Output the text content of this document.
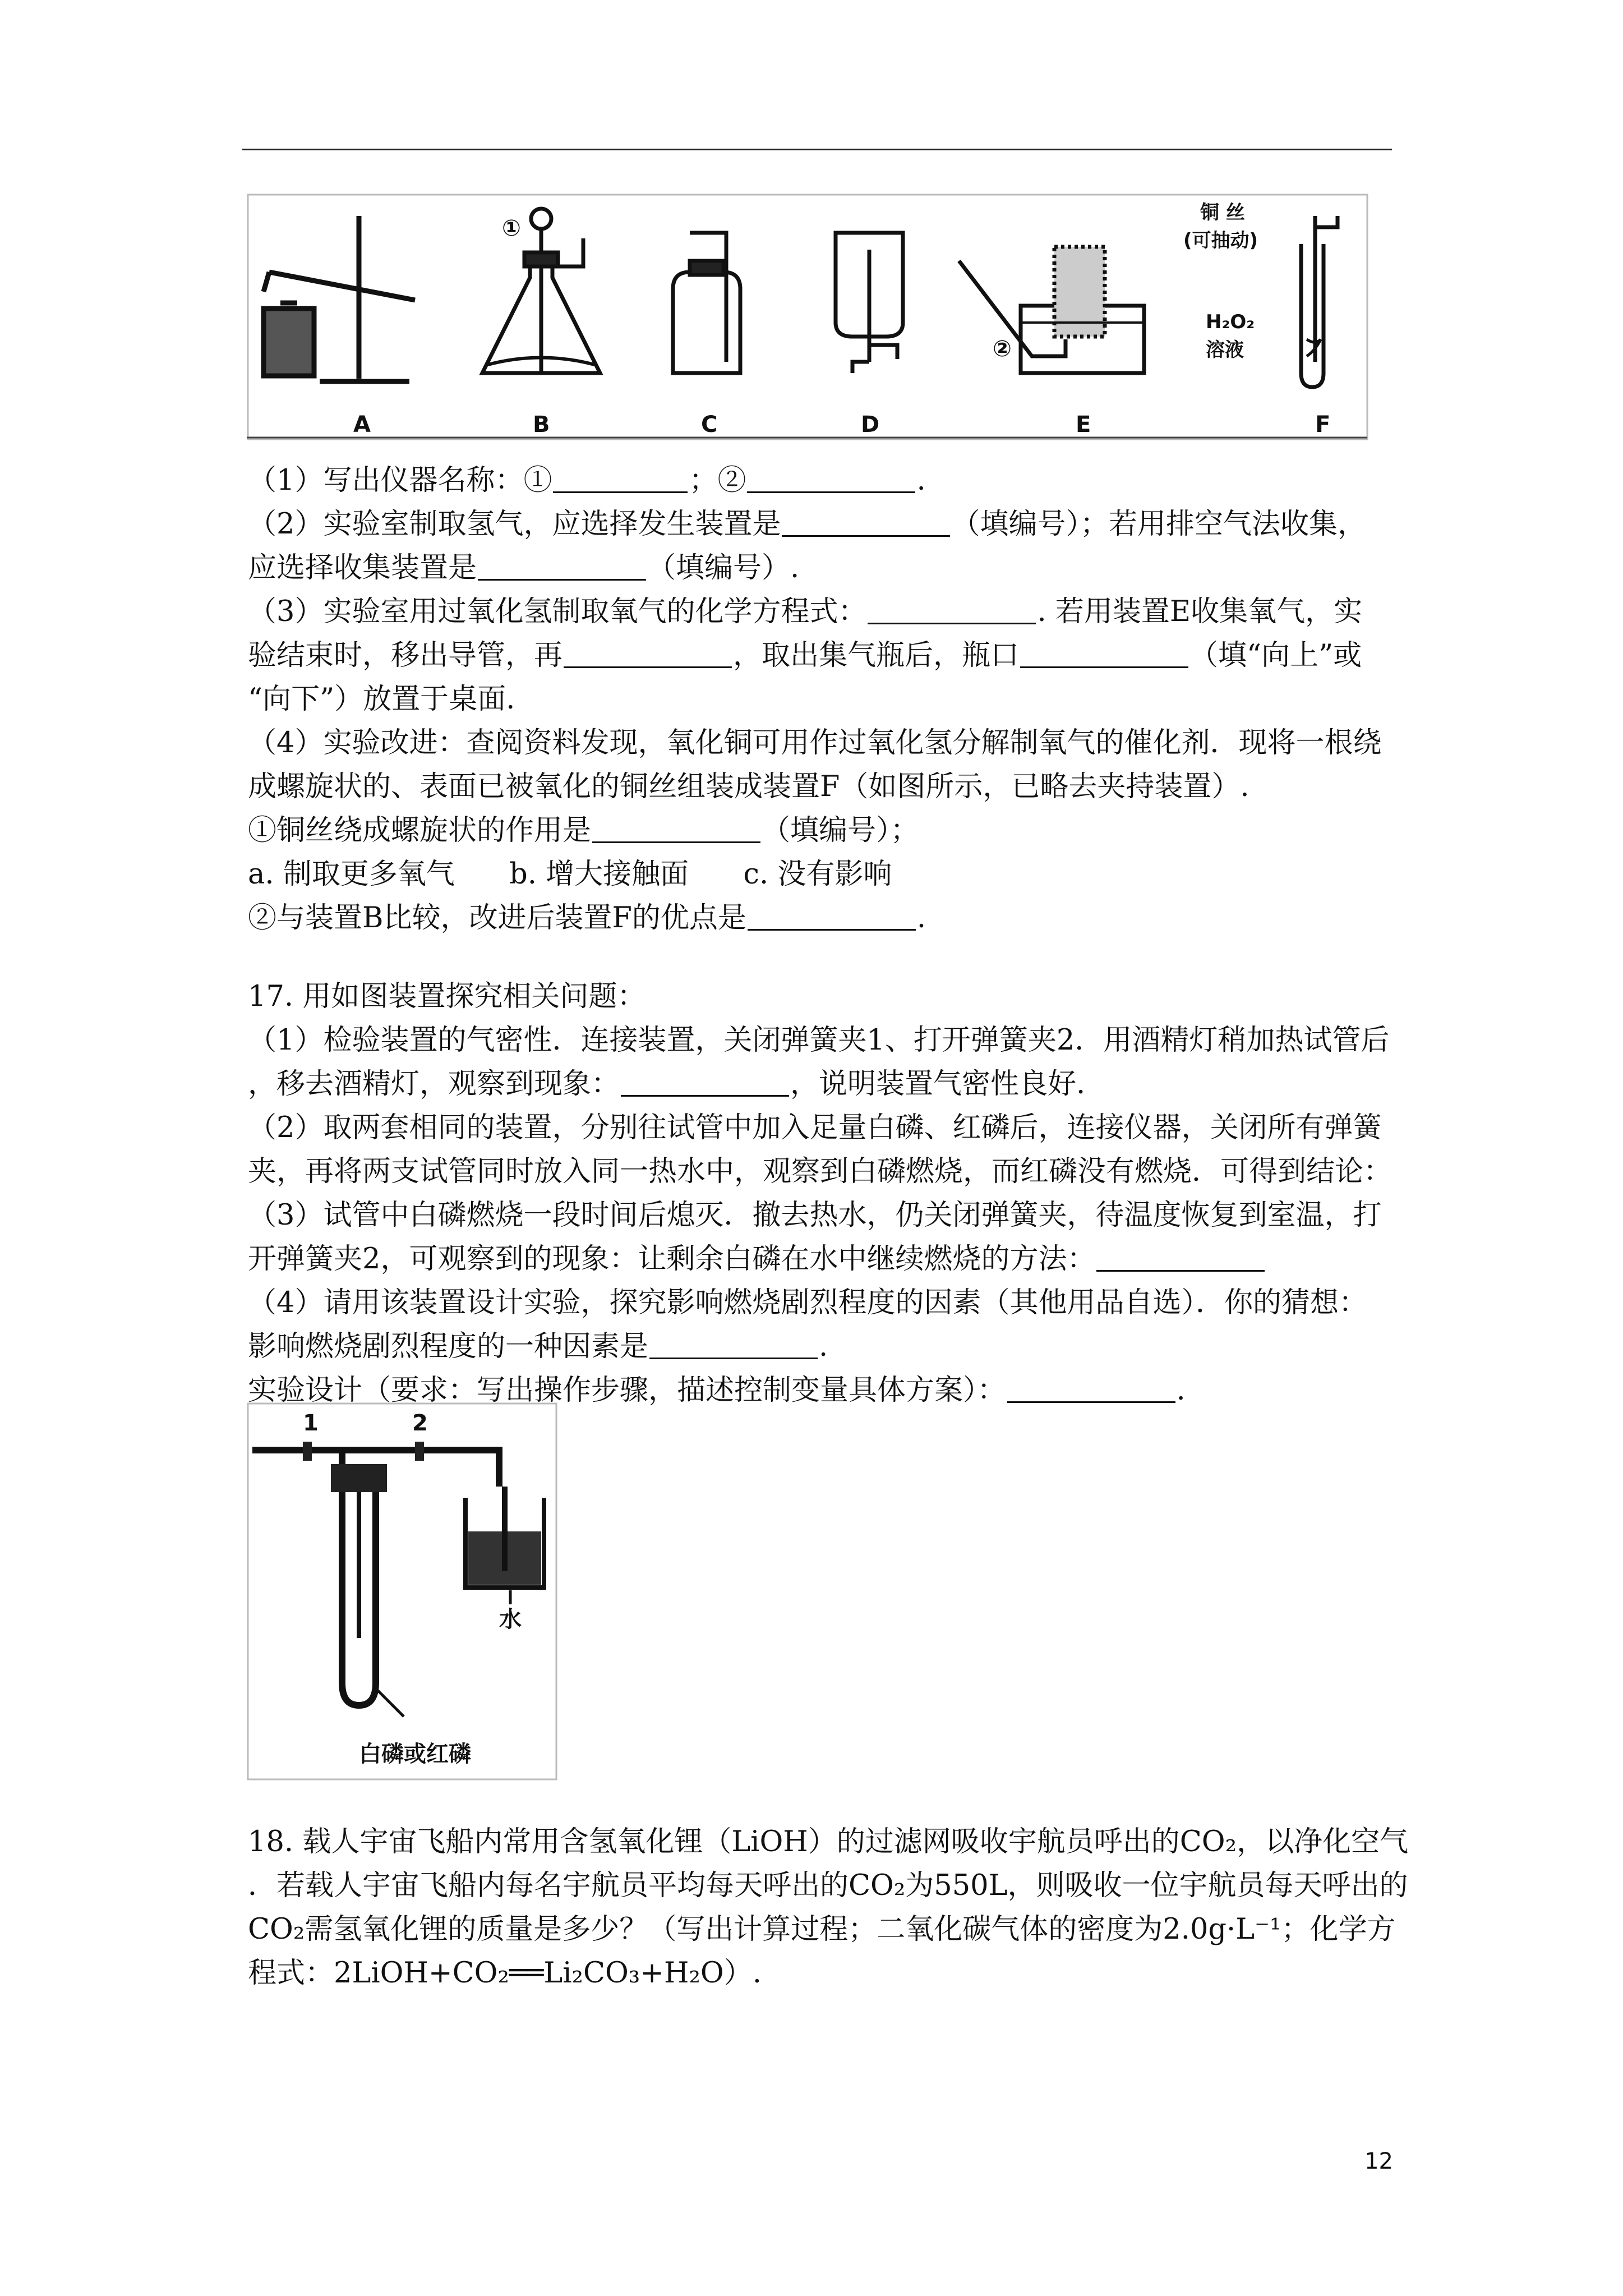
①
②
铜 丝
(可抽动)
H₂O₂
溶液
A	B	C	D	E	F
（1）写出仪器名称：①	；②	.
（2）实验室制取氢气，应选择发生装置是	（填编号）；若用排空气法收集，
应选择收集装置是	（填编号）.
（3）实验室用过氧化氢制取氧气的化学方程式：	. 若用装置E收集氧气，实
验结束时，移出导管，再	，取出集气瓶后，瓶口	（填“向上”或
“向下”）放置于桌面.
（4）实验改进：查阅资料发现，氧化铜可用作过氧化氢分解制氧气的催化剂．现将一根绕
成螺旋状的、表面已被氧化的铜丝组装成装置F（如图所示，已略去夹持装置）.
①铜丝绕成螺旋状的作用是	（填编号）；
a. 制取更多氧气      b. 增大接触面      c. 没有影响
②与装置B比较，改进后装置F的优点是	.
17. 用如图装置探究相关问题：
（1）检验装置的气密性．连接装置，关闭弹簧夹1、打开弹簧夹2．用酒精灯稍加热试管后
，移去酒精灯，观察到现象：	，说明装置气密性良好.
（2）取两套相同的装置，分别往试管中加入足量白磷、红磷后，连接仪器，关闭所有弹簧
夹，再将两支试管同时放入同一热水中，观察到白磷燃烧，而红磷没有燃烧．可得到结论：
（3）试管中白磷燃烧一段时间后熄灭．撤去热水，仍关闭弹簧夹，待温度恢复到室温，打
开弹簧夹2，可观察到的现象：让剩余白磷在水中继续燃烧的方法：
（4）请用该装置设计实验，探究影响燃烧剧烈程度的因素（其他用品自选）．你的猜想：
影响燃烧剧烈程度的一种因素是	.
实验设计（要求：写出操作步骤，描述控制变量具体方案）：	.
1	2
水
白磷或红磷
18. 载人宇宙飞船内常用含氢氧化锂（LiOH）的过滤网吸收宇航员呼出的CO₂，以净化空气
．若载人宇宙飞船内每名宇航员平均每天呼出的CO₂为550L，则吸收一位宇航员每天呼出的
CO₂需氢氧化锂的质量是多少？（写出计算过程；二氧化碳气体的密度为2.0g·L⁻¹；化学方
程式：2LiOH+CO₂══Li₂CO₃+H₂O）.
12
